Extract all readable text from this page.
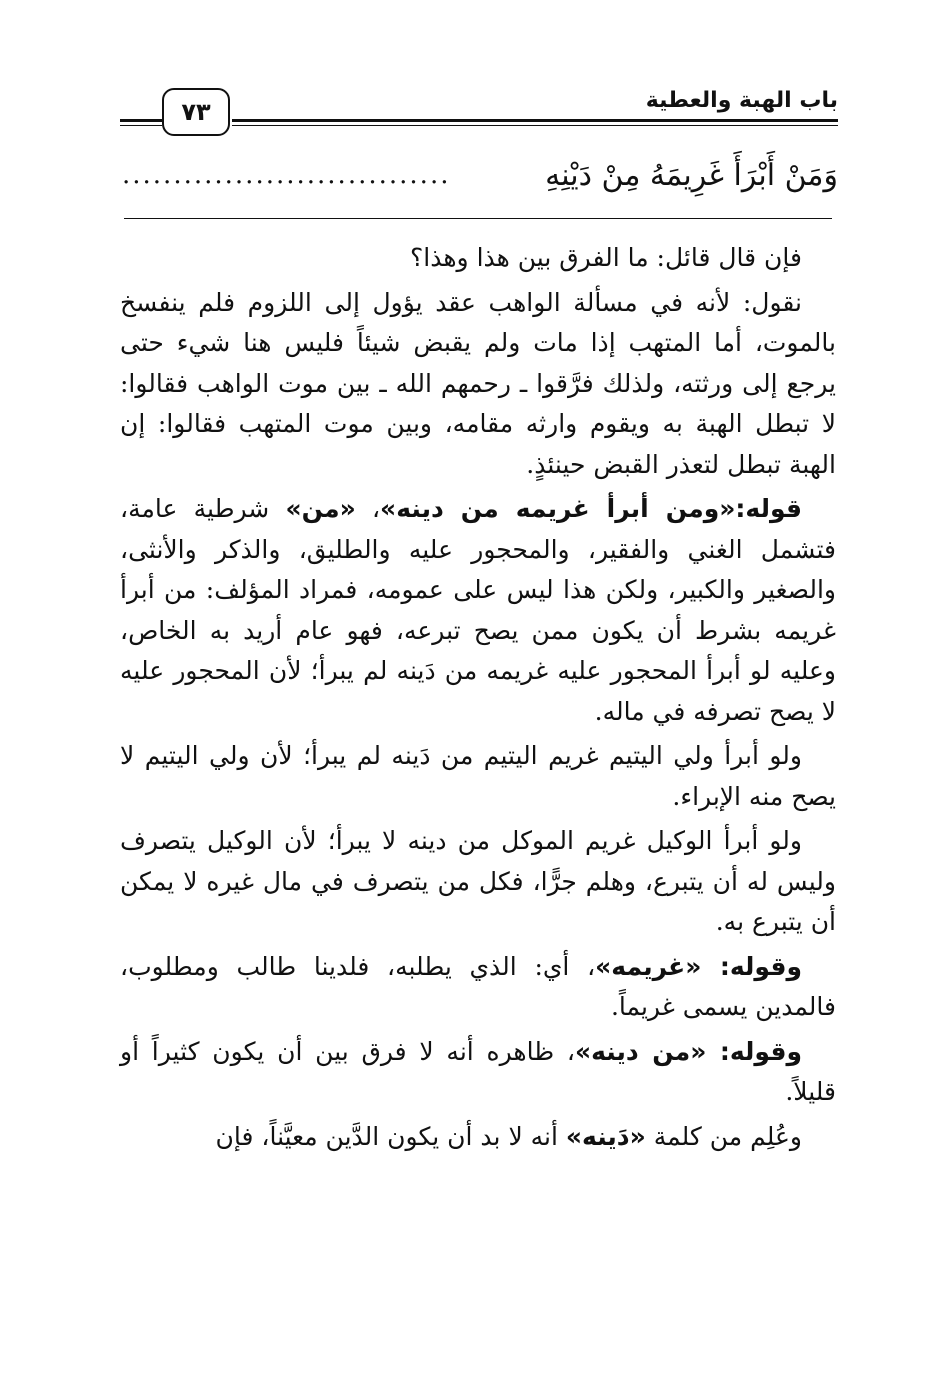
٧٣	باب الهبة والعطية
وَمَنْ أَبْرَأَ غَرِيمَهُ مِنْ دَيْنِهِ
................................

فإن قال قائل: ما الفرق بين هذا وهذا؟

نقول: لأنه في مسألة الواهب عقد يؤول إلى اللزوم فلم ينفسخ بالموت، أما المتهب إذا مات ولم يقبض شيئاً فليس هنا شيء حتى يرجع إلى ورثته، ولذلك فرَّقوا ـ رحمهم الله ـ بين موت الواهب فقالوا: لا تبطل الهبة به ويقوم وارثه مقامه، وبين موت المتهب فقالوا: إن الهبة تبطل لتعذر القبض حينئذٍ.

قوله:«ومن أبرأ غريمه من دينه»، «من» شرطية عامة، فتشمل الغني والفقير، والمحجور عليه والطليق، والذكر والأنثى، والصغير والكبير، ولكن هذا ليس على عمومه، فمراد المؤلف: من أبرأ غريمه بشرط أن يكون ممن يصح تبرعه، فهو عام أريد به الخاص، وعليه لو أبرأ المحجور عليه غريمه من دَينه لم يبرأ؛ لأن المحجور عليه لا يصح تصرفه في ماله.

ولو أبرأ ولي اليتيم غريم اليتيم من دَينه لم يبرأ؛ لأن ولي اليتيم لا يصح منه الإبراء.

ولو أبرأ الوكيل غريم الموكل من دينه لا يبرأ؛ لأن الوكيل يتصرف وليس له أن يتبرع، وهلم جرًّا، فكل من يتصرف في مال غيره لا يمكن أن يتبرع به.

وقوله: «غريمه»، أي: الذي يطلبه، فلدينا طالب ومطلوب، فالمدين يسمى غريماً.

وقوله: «من دينه»، ظاهره أنه لا فرق بين أن يكون كثيراً أو قليلاً.

وعُلِم من كلمة «دَينه» أنه لا بد أن يكون الدَّين معيَّناً، فإن
